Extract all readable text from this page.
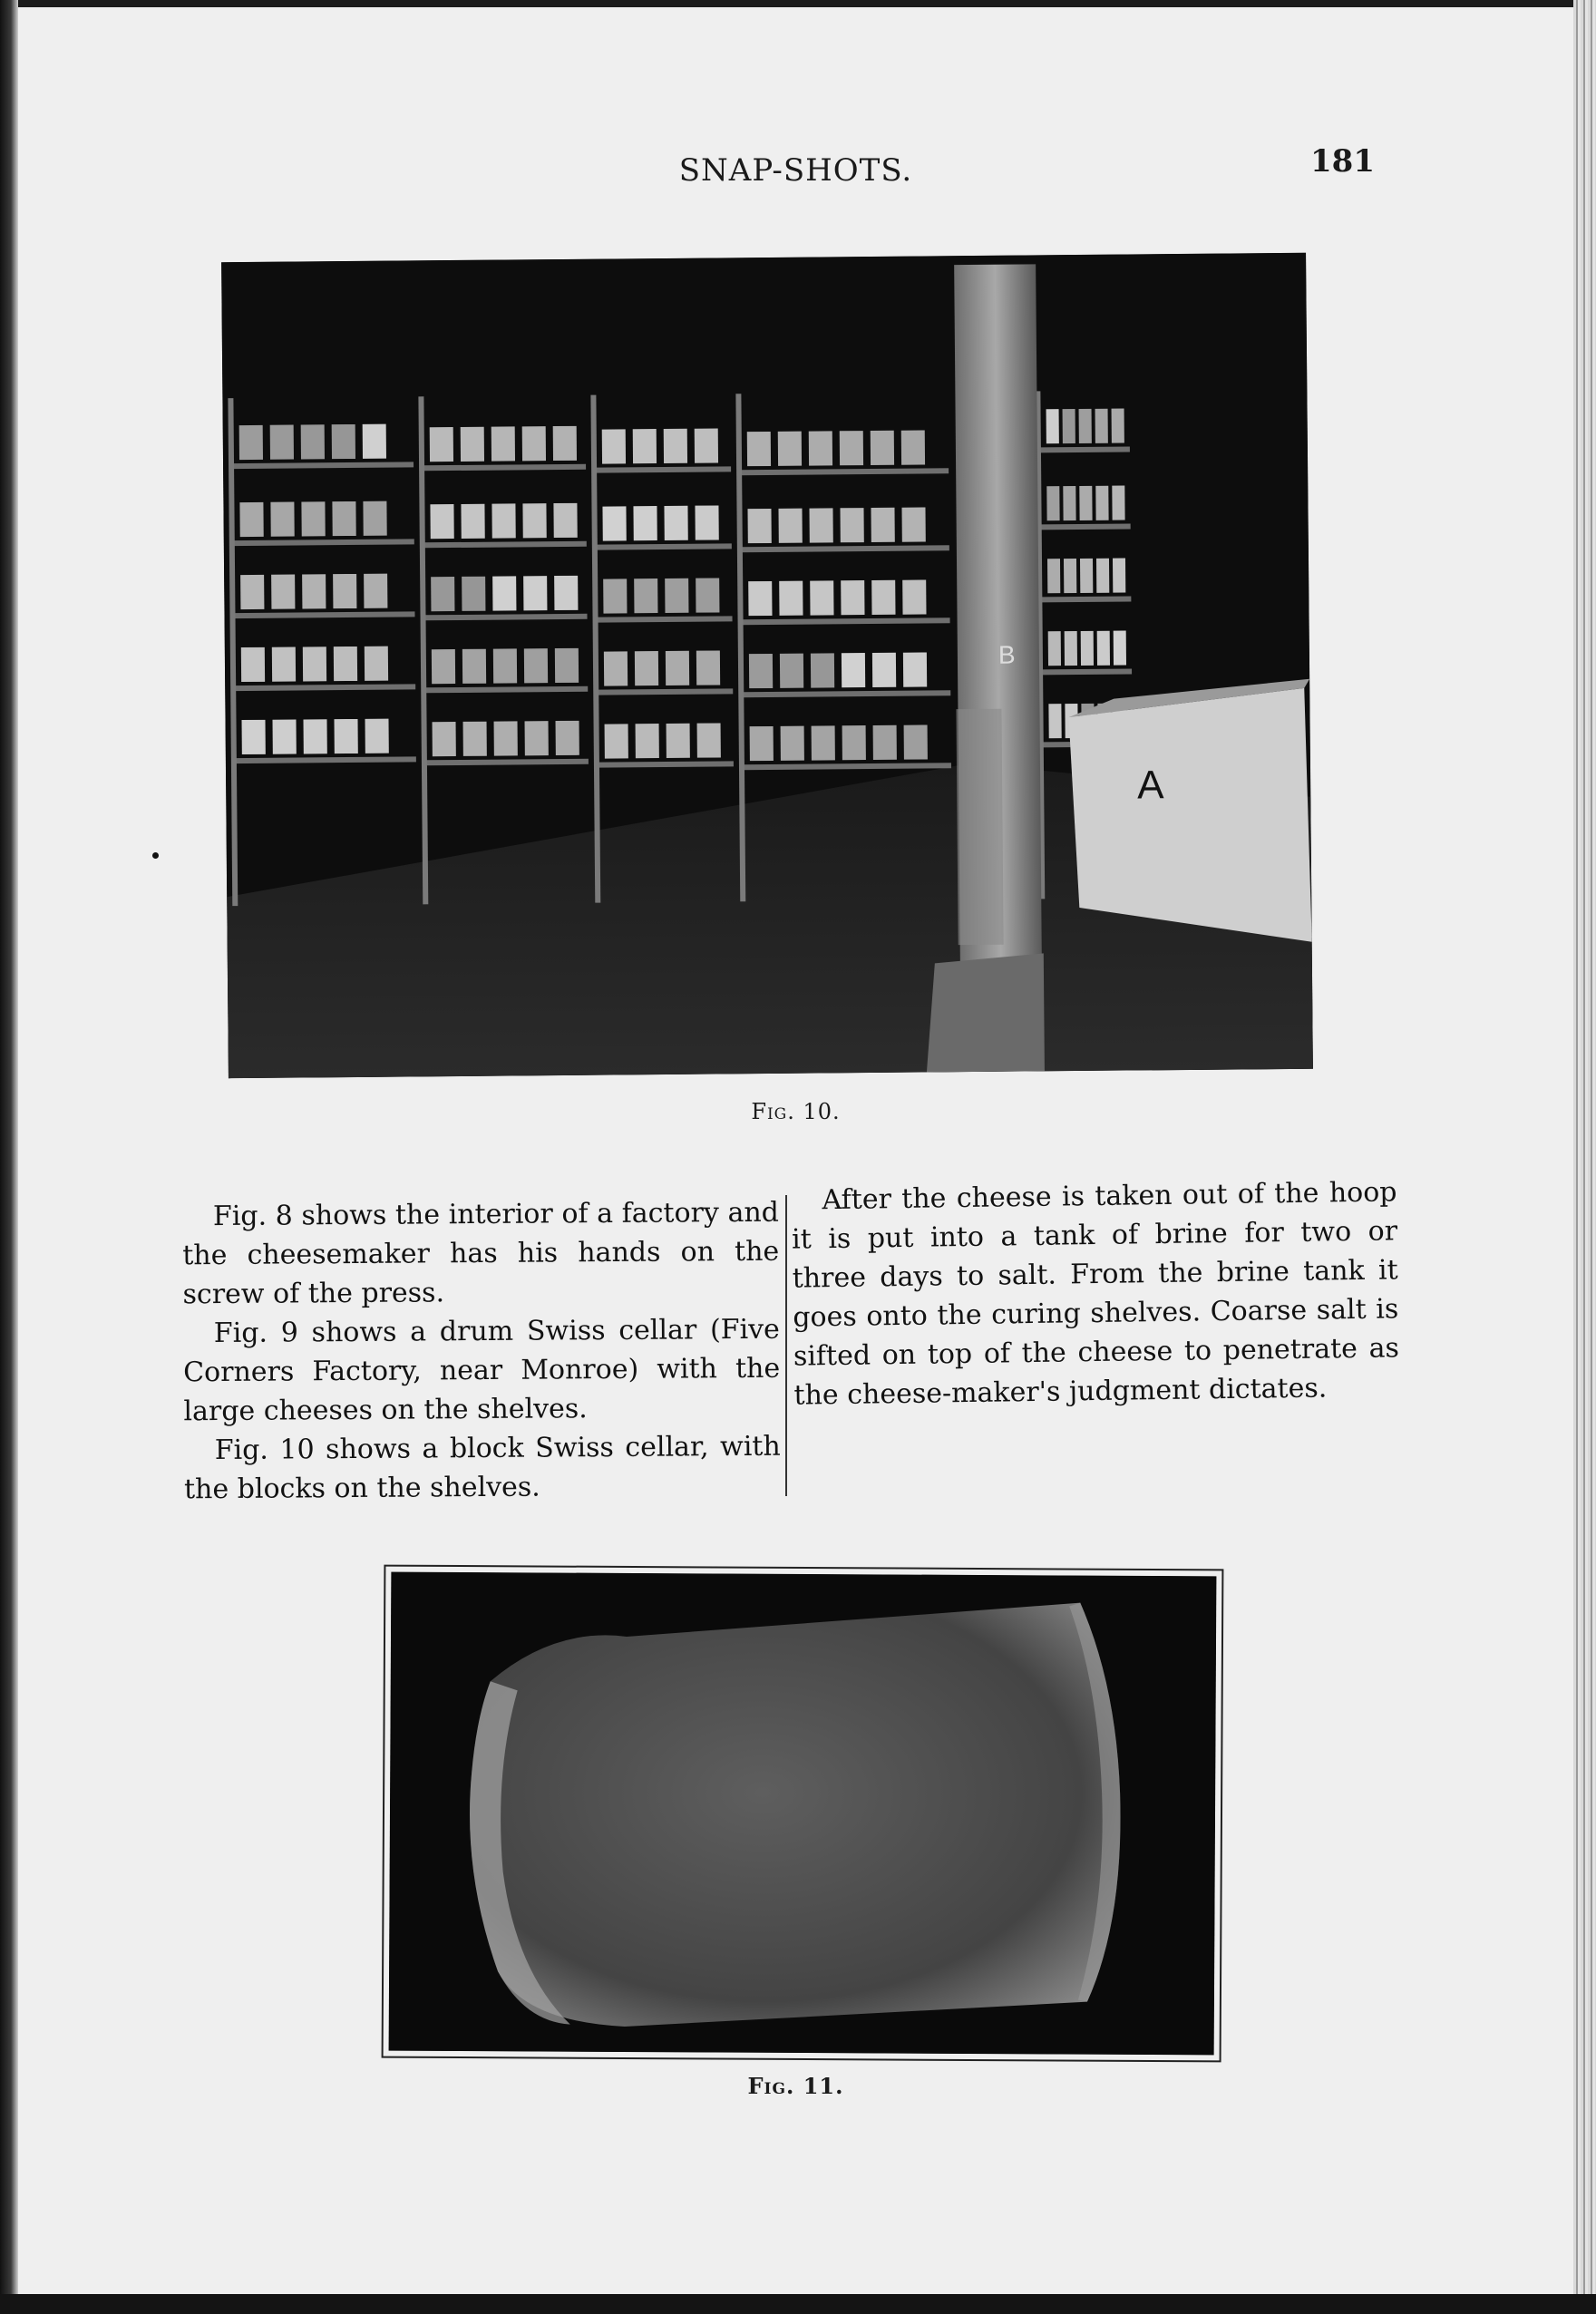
SNAP-SHOTS.	181
A
B
Fig. 10.

Fig. 8 shows the interior of a factory and the cheesemaker has his hands on the screw of the press.

Fig. 9 shows a drum Swiss cellar (Five Corners Factory, near Monroe) with the large cheeses on the shelves.

Fig. 10 shows a block Swiss cellar, with the blocks on the shelves.

After the cheese is taken out of the hoop it is put into a tank of brine for two or three days to salt. From the brine tank it goes onto the curing shelves. Coarse salt is sifted on top of the cheese to penetrate as the cheese-maker's judgment dictates.

Fig. 11.
